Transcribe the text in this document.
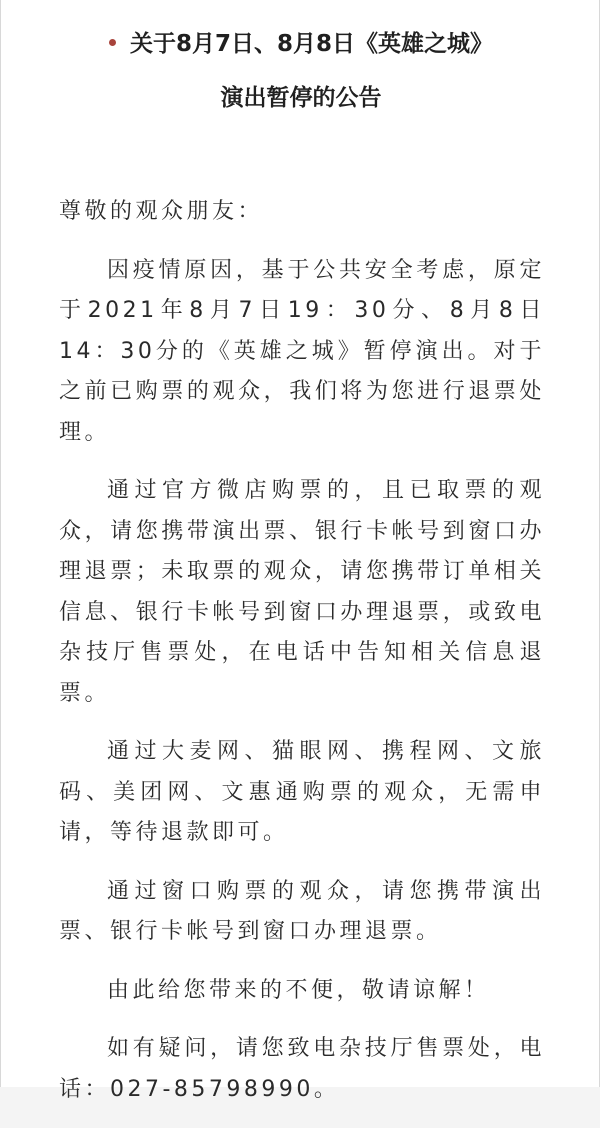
关于8月7日、8月8日《英雄之城》
演出暂停的公告

尊敬的观众朋友：

因疫情原因，基于公共安全考虑，原定于2021年8月7日19：30分、8月8日14：30分的《英雄之城》暂停演出。对于之前已购票的观众，我们将为您进行退票处理。

通过官方微店购票的，且已取票的观众，请您携带演出票、银行卡帐号到窗口办理退票；未取票的观众，请您携带订单相关信息、银行卡帐号到窗口办理退票，或致电杂技厅售票处，在电话中告知相关信息退票。

通过大麦网、猫眼网、携程网、文旅码、美团网、文惠通购票的观众，无需申请，等待退款即可。

通过窗口购票的观众，请您携带演出票、银行卡帐号到窗口办理退票。

由此给您带来的不便，敬请谅解！

如有疑问，请您致电杂技厅售票处，电话：027-85798990。
